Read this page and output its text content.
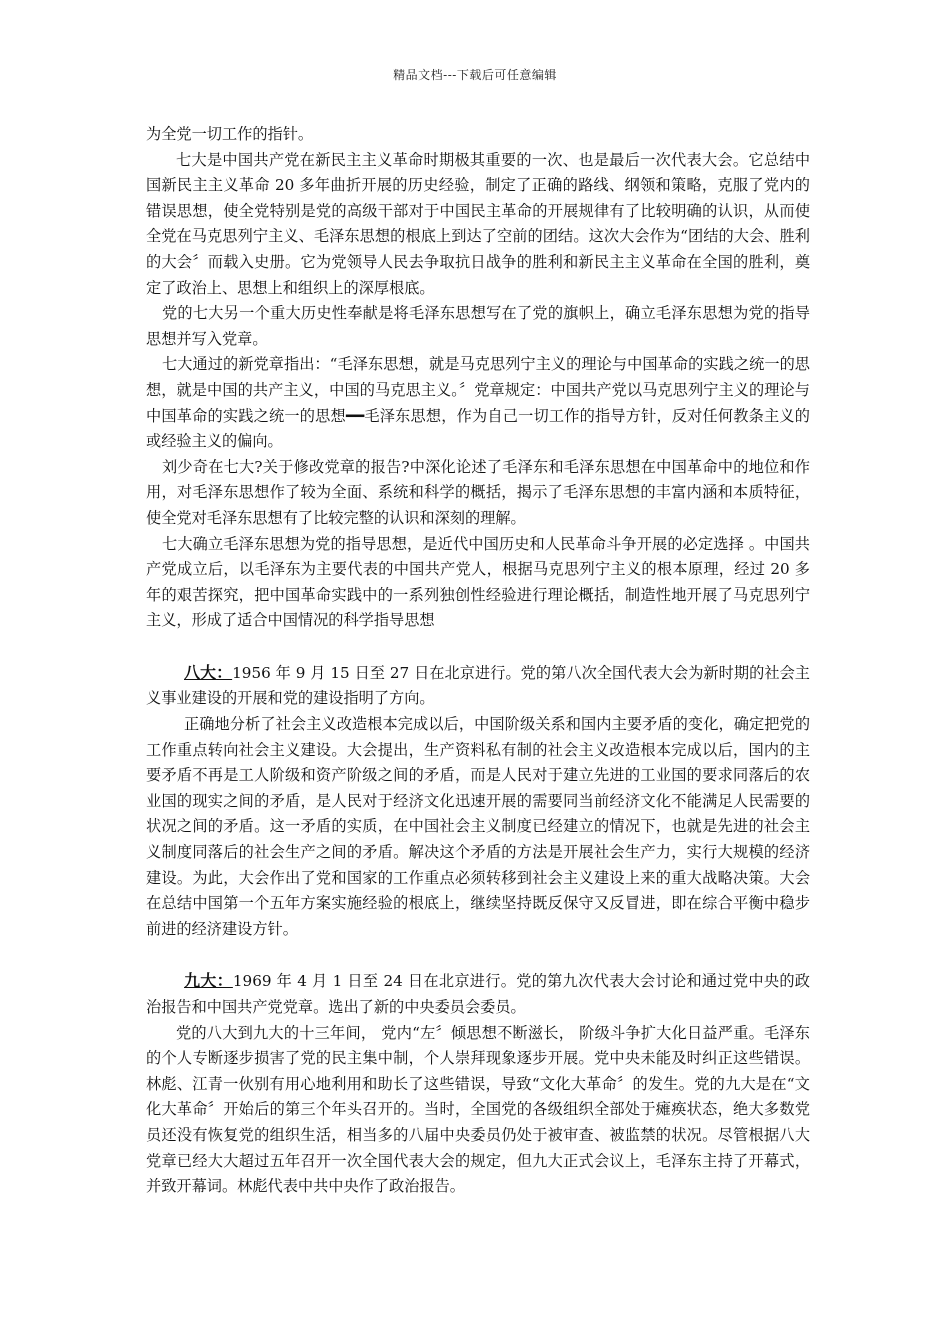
精品文档---下载后可任意编辑

为全党一切工作的指针。

七大是中国共产党在新民主主义革命时期极其重要的一次、也是最后一次代表大会。它总结中国新民主主义革命 20 多年曲折开展的历史经验，制定了正确的路线、纲领和策略，克服了党内的错误思想，使全党特别是党的高级干部对于中国民主革命的开展规律有了比较明确的认识，从而使全党在马克思列宁主义、毛泽东思想的根底上到达了空前的团结。这次大会作为“团结的大会、胜利的大会〞而载入史册。它为党领导人民去争取抗日战争的胜利和新民主主义革命在全国的胜利，奠定了政治上、思想上和组织上的深厚根底。

党的七大另一个重大历史性奉献是将毛泽东思想写在了党的旗帜上，确立毛泽东思想为党的指导思想并写入党章。

七大通过的新党章指出：“毛泽东思想，就是马克思列宁主义的理论与中国革命的实践之统一的思想，就是中国的共产主义，中国的马克思主义。〞党章规定：中国共产党以马克思列宁主义的理论与中国革命的实践之统一的思想━━毛泽东思想，作为自己一切工作的指导方针，反对任何教条主义的或经验主义的偏向。

刘少奇在七大?关于修改党章的报告?中深化论述了毛泽东和毛泽东思想在中国革命中的地位和作用，对毛泽东思想作了较为全面、系统和科学的概括，揭示了毛泽东思想的丰富内涵和本质特征，使全党对毛泽东思想有了比较完整的认识和深刻的理解。

七大确立毛泽东思想为党的指导思想，是近代中国历史和人民革命斗争开展的必定选择 。中国共产党成立后，以毛泽东为主要代表的中国共产党人，根据马克思列宁主义的根本原理，经过 20 多年的艰苦探究，把中国革命实践中的一系列独创性经验进行理论概括，制造性地开展了马克思列宁主义，形成了适合中国情况的科学指导思想

八大：1956 年 9 月 15 日至 27 日在北京进行。党的第八次全国代表大会为新时期的社会主义事业建设的开展和党的建设指明了方向。

正确地分析了社会主义改造根本完成以后，中国阶级关系和国内主要矛盾的变化，确定把党的工作重点转向社会主义建设。大会提出，生产资料私有制的社会主义改造根本完成以后，国内的主要矛盾不再是工人阶级和资产阶级之间的矛盾，而是人民对于建立先进的工业国的要求同落后的农业国的现实之间的矛盾，是人民对于经济文化迅速开展的需要同当前经济文化不能满足人民需要的状况之间的矛盾。这一矛盾的实质，在中国社会主义制度已经建立的情况下，也就是先进的社会主义制度同落后的社会生产之间的矛盾。解决这个矛盾的方法是开展社会生产力，实行大规模的经济建设。为此，大会作出了党和国家的工作重点必须转移到社会主义建设上来的重大战略决策。大会在总结中国第一个五年方案实施经验的根底上，继续坚持既反保守又反冒进，即在综合平衡中稳步前进的经济建设方针。

九大：1969 年 4 月 1 日至 24 日在北京进行。党的第九次代表大会讨论和通过党中央的政治报告和中国共产党党章。选出了新的中央委员会委员。

党的八大到九大的十三年间， 党内“左〞倾思想不断滋长， 阶级斗争扩大化日益严重。毛泽东的个人专断逐步损害了党的民主集中制，个人崇拜现象逐步开展。党中央未能及时纠正这些错误。林彪、江青一伙别有用心地利用和助长了这些错误，导致“文化大革命〞的发生。党的九大是在“文化大革命〞开始后的第三个年头召开的。当时，全国党的各级组织全部处于瘫痪状态，绝大多数党员还没有恢复党的组织生活，相当多的八届中央委员仍处于被审查、被监禁的状况。尽管根据八大党章已经大大超过五年召开一次全国代表大会的规定，但九大正式会议上，毛泽东主持了开幕式，并致开幕词。林彪代表中共中央作了政治报告。
